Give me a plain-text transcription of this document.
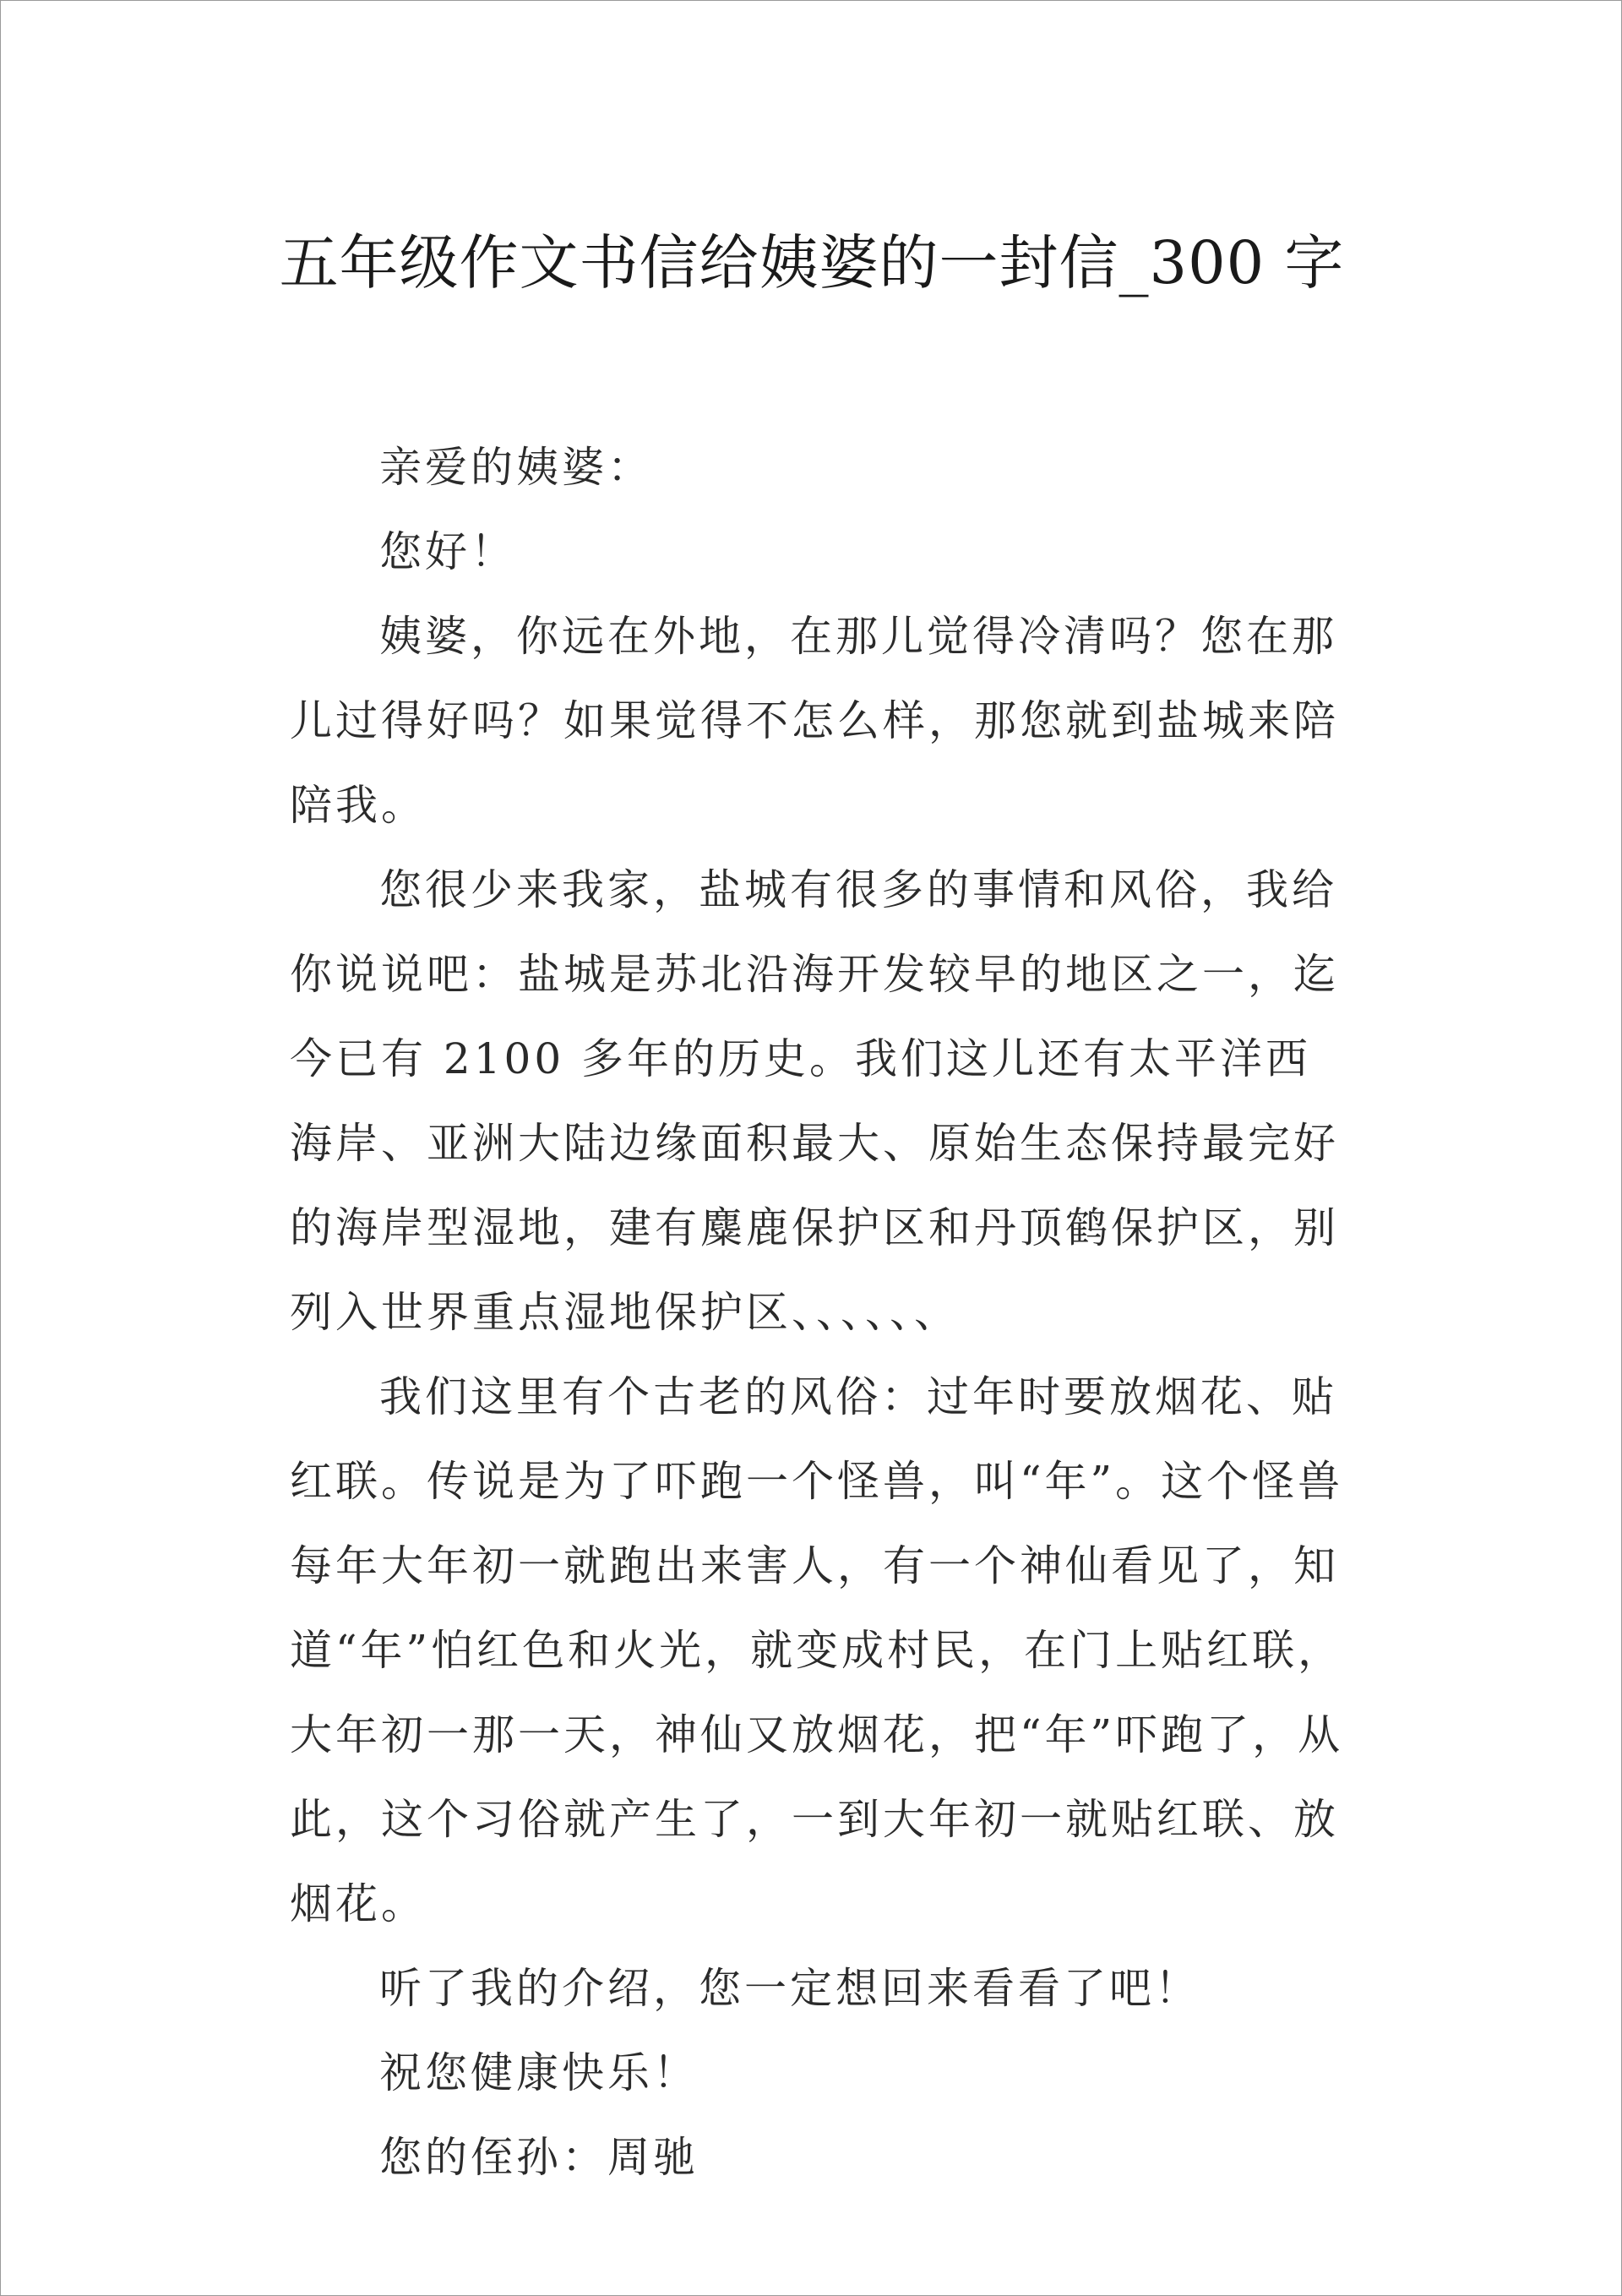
五年级作文书信给姨婆的一封信_300 字

亲爱的姨婆：

您好！

姨婆，你远在外地，在那儿觉得冷清吗？您在那儿过得好吗？如果觉得不怎么样，那您就到盐城来陪陪我。

您很少来我家，盐城有很多的事情和风俗，我给你说说吧：盐城是苏北沿海开发较早的地区之一，迄今已有 2100 多年的历史。我们这儿还有太平洋西海岸、亚洲大陆边缘面积最大、原始生态保持最完好的海岸型湿地，建有麋鹿保护区和丹顶鹤保护区，别列入世界重点湿地保护区、、、、、、

我们这里有个古老的风俗：过年时要放烟花、贴红联。传说是为了吓跑一个怪兽，叫“年”。这个怪兽每年大年初一就跑出来害人，有一个神仙看见了，知道“年”怕红色和火光，就变成村民，在门上贴红联，大年初一那一天，神仙又放烟花，把“年”吓跑了，从此，这个习俗就产生了，一到大年初一就贴红联、放烟花。

听了我的介绍，您一定想回来看看了吧！

祝您健康快乐！

您的侄孙：周驰
